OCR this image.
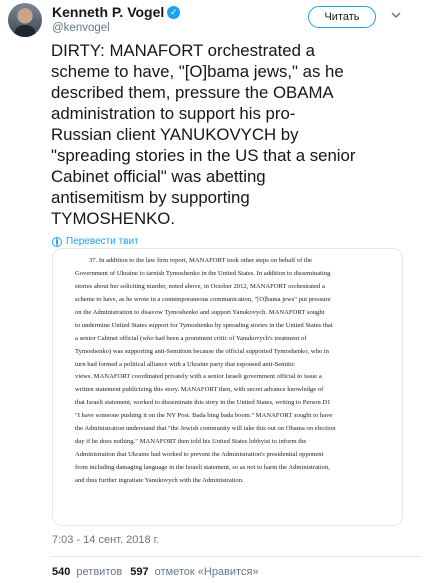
Kenneth P. Vogel ✓
@kenvogel
Читать

DIRTY: MANAFORT orchestrated a
scheme to have, "[O]bama jews," as he
described them, pressure the OBAMA
administration to support his pro-
Russian client YANUKOVYCH by
"spreading stories in the US that a senior
Cabinet official" was abetting
antisemitism by supporting
TYMOSHENKO.

Перевести твит
37. In addition to the law firm report, MANAFORT took other steps on behalf of the
Government of Ukraine to tarnish Tymoshenko in the United States. In addition to disseminating
stories about her soliciting murder, noted above, in October 2012, MANAFORT orchestrated a
scheme to have, as he wrote in a contemporaneous communication, "[O]bama jews" put pressure
on the Administration to disavow Tymoshenko and support Yanukovych. MANAFORT sought
to undermine United States support for Tymoshenko by spreading stories in the United States that
a senior Cabinet official (who had been a prominent critic of Yanukovych's treatment of
Tymoshenko) was supporting anti-Semitism because the official supported Tymoshenko, who in
turn had formed a political alliance with a Ukraine party that espoused anti-Semitic
views. MANAFORT coordinated privately with a senior Israeli government official to issue a
written statement publicizing this story. MANAFORT then, with secret advance knowledge of
that Israeli statement, worked to disseminate this story in the United States, writing to Person D1
"I have someone pushing it on the NY Post. Bada bing bada boom." MANAFORT sought to have
the Administration understand that "the Jewish community will take this out on Obama on election
day if he does nothing." MANAFORT then told his United States lobbyist to inform the
Administration that Ukraine had worked to prevent the Administration's presidential opponent
from including damaging language in the Israeli statement, so as not to harm the Administration,
and thus further ingratiate Yanukovych with the Administration.
7:03 - 14 сент. 2018 г.
540 ретвитов 597 отметок «Нравится»
